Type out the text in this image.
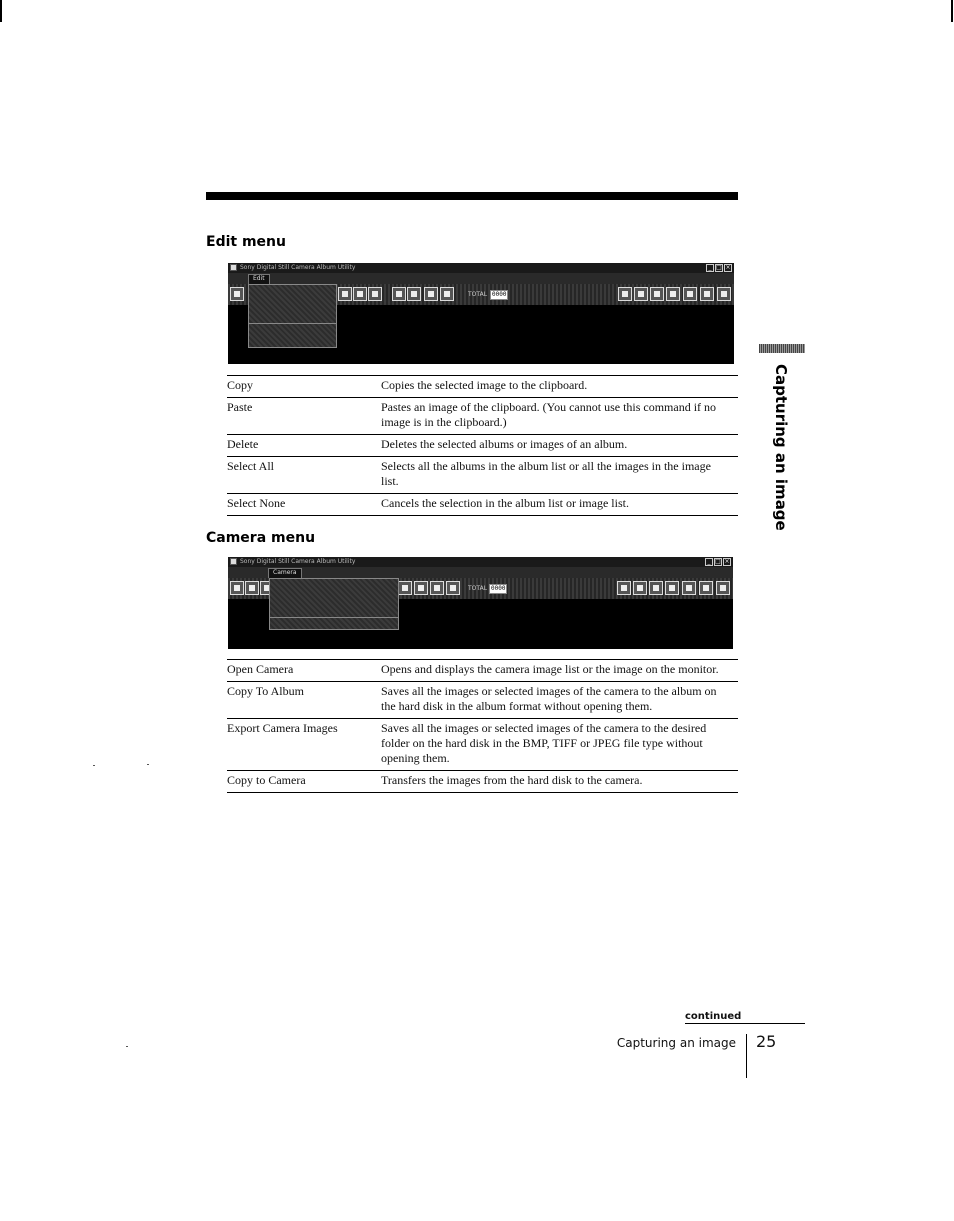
Edit menu
Sony Digital Still Camera Album Utility	_ □ ×
Edit
TOTAL 0000
Copy	Copies the selected image to the clipboard.
Paste	Pastes an image of the clipboard. (You cannot use this command if no image is in the clipboard.)
Delete	Deletes the selected albums or images of an album.
Select All	Selects all the albums in the album list or all the images in the image list.
Select None	Cancels the selection in the album list or image list.
Camera menu
Sony Digital Still Camera Album Utility	_ □ ×
Camera
TOTAL 0000
Open Camera	Opens and displays the camera image list or the image on the monitor.
Copy To Album	Saves all the images or selected images of the camera to the album on the hard disk in the album format without opening them.
Export Camera Images	Saves all the images or selected images of the camera to the desired folder on the hard disk in the BMP, TIFF or JPEG file type without opening them.
Copy to Camera	Transfers the images from the hard disk to the camera.
Capturing an image
continued
Capturing an image 25
